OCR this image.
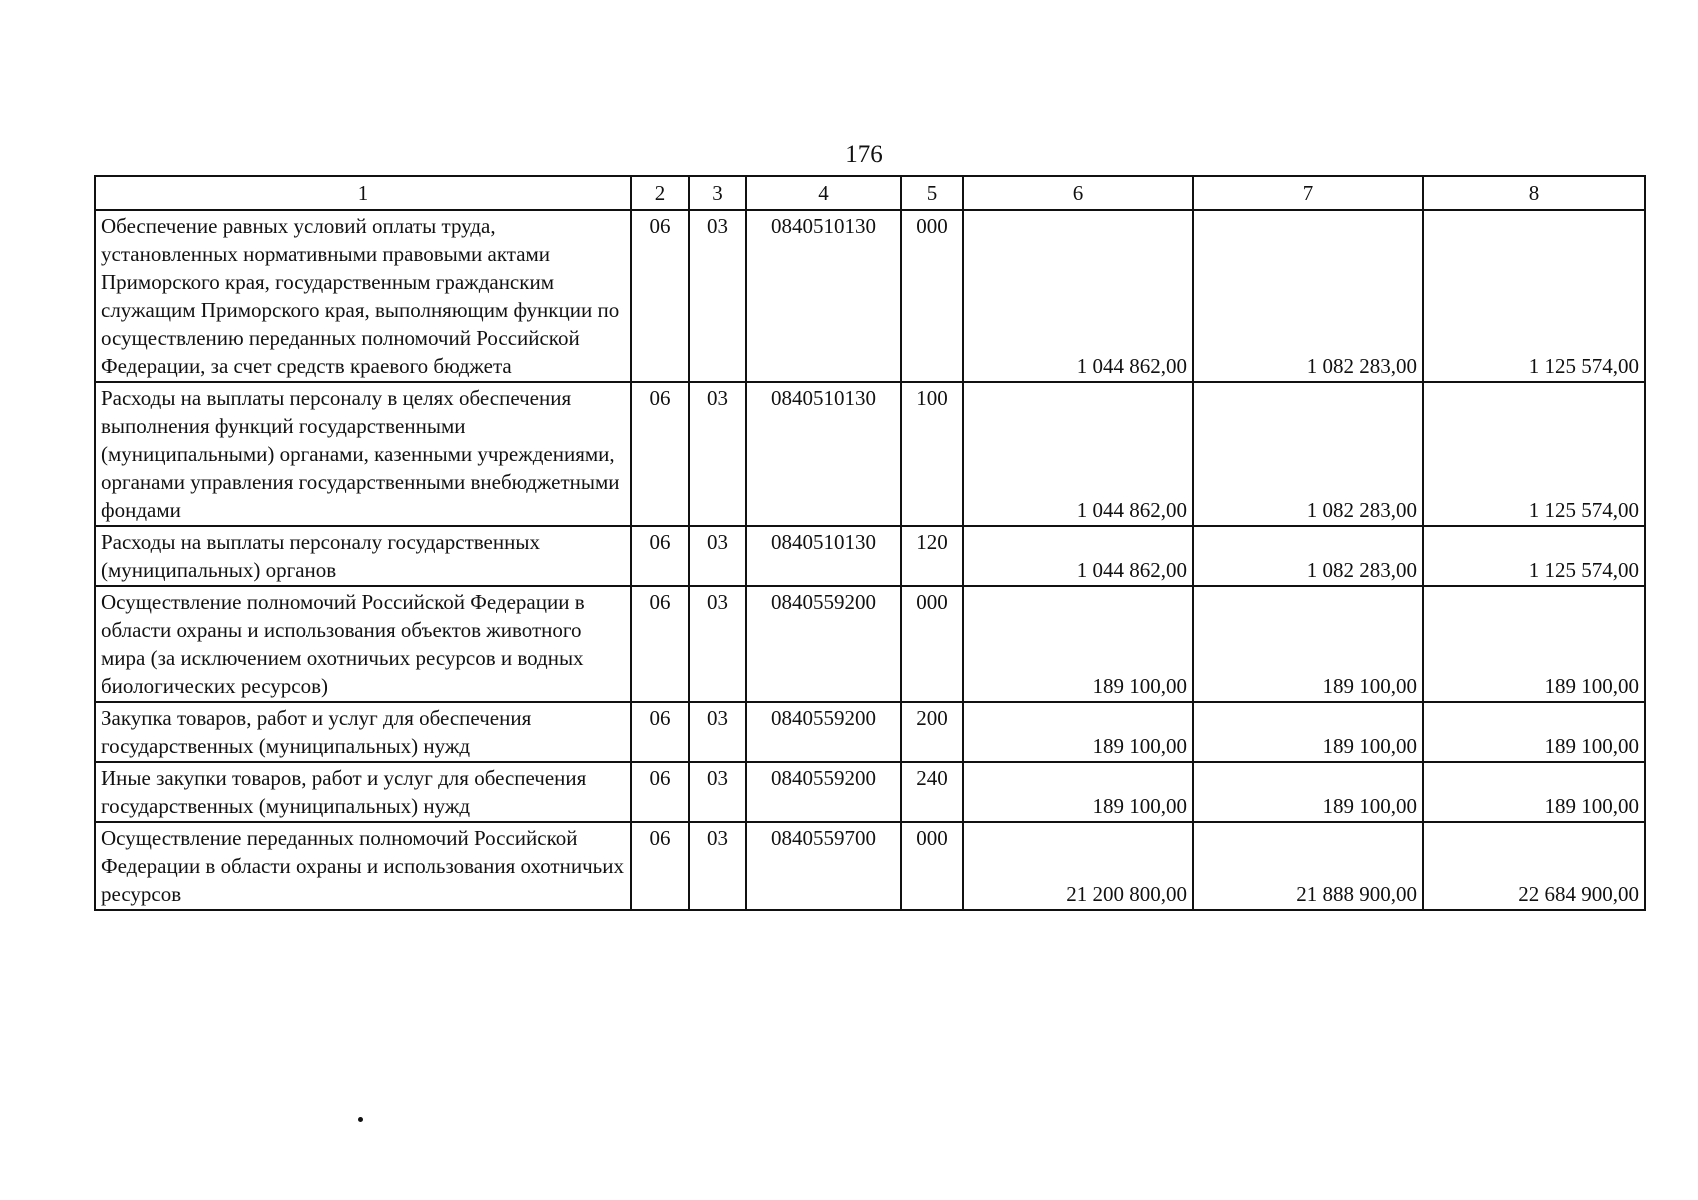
176
1	2	3	4	5	6	7	8
Обеспечение равных условий оплаты труда, установленных нормативными правовыми актами Приморского края, государственным гражданским служащим Приморского края, выполняющим функции по осуществлению переданных полномочий Российской Федерации, за счет средств краевого бюджета	06	03	0840510130	000	1 044 862,00	1 082 283,00	1 125 574,00
Расходы на выплаты персоналу в целях обеспечения выполнения функций государственными (муниципальными) органами, казенными учреждениями, органами управления государственными внебюджетными фондами	06	03	0840510130	100	1 044 862,00	1 082 283,00	1 125 574,00
Расходы на выплаты персоналу государственных (муниципальных) органов	06	03	0840510130	120	1 044 862,00	1 082 283,00	1 125 574,00
Осуществление полномочий Российской Федерации в области охраны и использования объектов животного мира (за исключением охотничьих ресурсов и водных биологических ресурсов)	06	03	0840559200	000	189 100,00	189 100,00	189 100,00
Закупка товаров, работ и услуг для обеспечения государственных (муниципальных) нужд	06	03	0840559200	200	189 100,00	189 100,00	189 100,00
Иные закупки товаров, работ и услуг для обеспечения государственных (муниципальных) нужд	06	03	0840559200	240	189 100,00	189 100,00	189 100,00
Осуществление переданных полномочий Российской Федерации в области охраны и использования охотничьих ресурсов	06	03	0840559700	000	21 200 800,00	21 888 900,00	22 684 900,00
